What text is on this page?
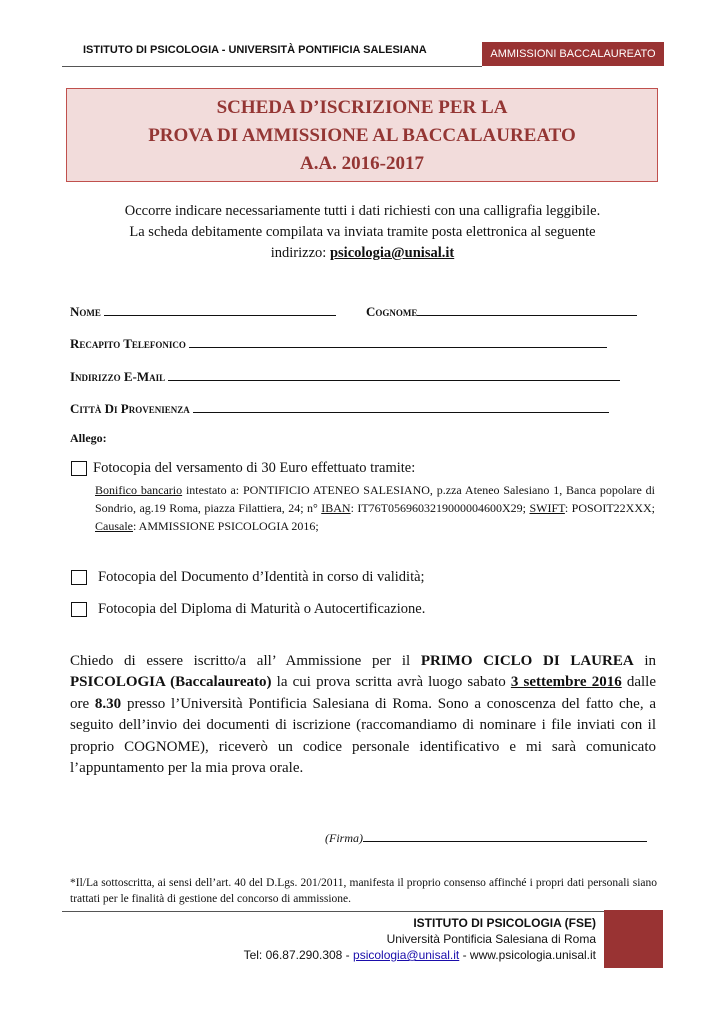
ISTITUTO DI PSICOLOGIA - UNIVERSITÀ PONTIFICIA SALESIANA	AMMISSIONI BACCALAUREATO
SCHEDA D’ISCRIZIONE PER LA
PROVA DI AMMISSIONE AL BACCALAUREATO
A.A. 2016-2017
Occorre indicare necessariamente tutti i dati richiesti con una calligrafia leggibile.
La scheda debitamente compilata va inviata tramite posta elettronica al seguente
indirizzo: psicologia@unisal.it
Nome	Cognome
Recapito Telefonico
Indirizzo E-Mail
Città Di Provenienza
Allego:
Fotocopia del versamento di 30 Euro effettuato tramite:
Bonifico bancario intestato a: PONTIFICIO ATENEO SALESIANO, p.zza Ateneo Salesiano 1, Banca popolare di Sondrio, ag.19 Roma, piazza Filattiera, 24; n° IBAN: IT76T0569603219000004600X29; SWIFT: POSOIT22XXX; Causale: AMMISSIONE PSICOLOGIA 2016;
Fotocopia del Documento d’Identità in corso di validità;
Fotocopia del Diploma di Maturità o Autocertificazione.
Chiedo di essere iscritto/a all’ Ammissione per il PRIMO CICLO DI LAUREA in PSICOLOGIA (Baccalaureato) la cui prova scritta avrà luogo sabato 3 settembre 2016 dalle ore 8.30 presso l’Università Pontificia Salesiana di Roma. Sono a conoscenza del fatto che, a seguito dell’invio dei documenti di iscrizione (raccomandiamo di nominare i file inviati con il proprio COGNOME), riceverò un codice personale identificativo e mi sarà comunicato l’appuntamento per la mia prova orale.
(Firma)
*Il/La sottoscritta, ai sensi dell’art. 40 del D.Lgs. 201/2011, manifesta il proprio consenso affinché i propri dati personali siano trattati per le finalità di gestione del concorso di ammissione.
ISTITUTO DI PSICOLOGIA (FSE)
Università Pontificia Salesiana di Roma
Tel: 06.87.290.308 - psicologia@unisal.it - www.psicologia.unisal.it
